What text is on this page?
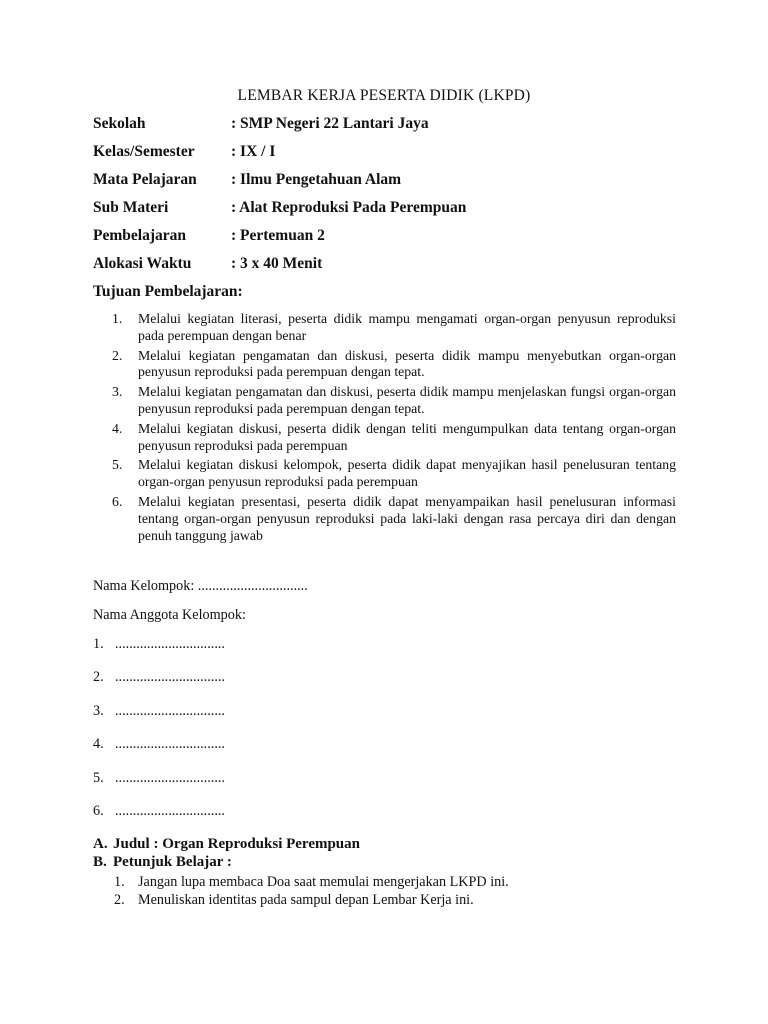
LEMBAR KERJA PESERTA DIDIK (LKPD)
Sekolah	: SMP Negeri 22 Lantari Jaya
Kelas/Semester : IX / I
Mata Pelajaran : Ilmu Pengetahuan Alam
Sub Materi	: Alat Reproduksi Pada Perempuan
Pembelajaran	: Pertemuan 2
Alokasi Waktu	: 3 x 40 Menit
Tujuan Pembelajaran:
1. Melalui kegiatan literasi, peserta didik mampu mengamati organ-organ penyusun reproduksi pada perempuan dengan benar
2. Melalui kegiatan pengamatan dan diskusi, peserta didik mampu menyebutkan organ-organ penyusun reproduksi pada perempuan dengan tepat.
3. Melalui kegiatan pengamatan dan diskusi, peserta didik mampu menjelaskan fungsi organ-organ penyusun reproduksi pada perempuan dengan tepat.
4. Melalui kegiatan diskusi, peserta didik dengan teliti mengumpulkan data tentang organ-organ penyusun reproduksi pada perempuan
5. Melalui kegiatan diskusi kelompok, peserta didik dapat menyajikan hasil penelusuran tentang organ-organ penyusun reproduksi pada perempuan
6. Melalui kegiatan presentasi, peserta didik dapat menyampaikan hasil penelusuran informasi tentang organ-organ penyusun reproduksi pada laki-laki dengan rasa percaya diri dan dengan penuh tanggung jawab
Nama Kelompok: ...............................
Nama Anggota Kelompok:
1. ...............................
2. ...............................
3. ...............................
4. ...............................
5. ...............................
6. ...............................
A. Judul : Organ Reproduksi Perempuan
B. Petunjuk Belajar :
1. Jangan lupa membaca Doa saat memulai mengerjakan LKPD ini.
2. Menuliskan identitas pada sampul depan Lembar Kerja ini.
